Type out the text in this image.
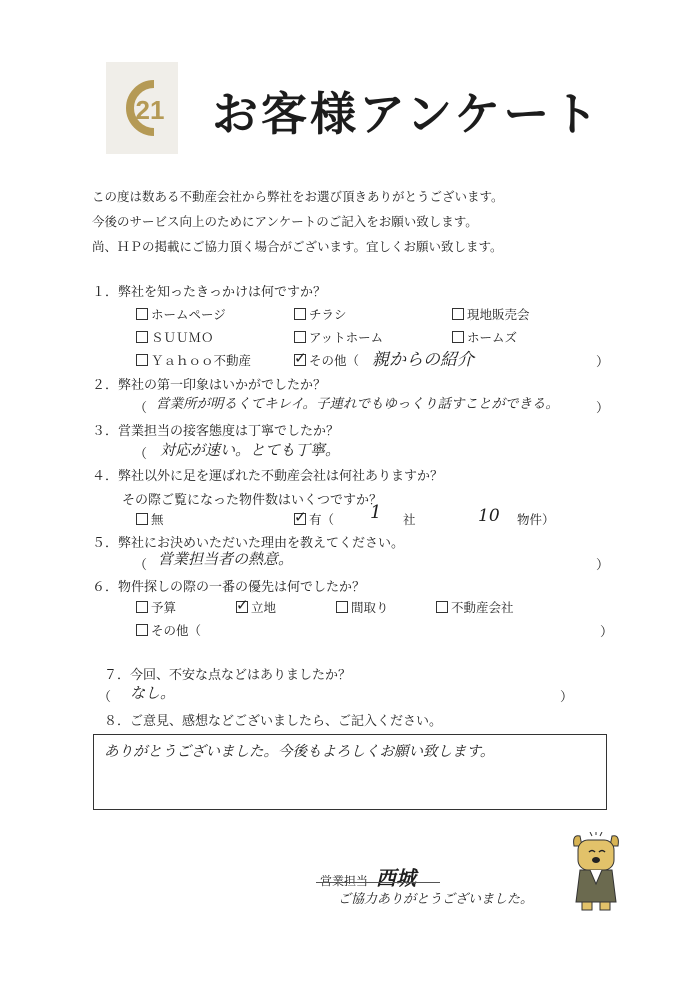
21 お客様アンケート
この度は数ある不動産会社から弊社をお選び頂きありがとうございます。
今後のサービス向上のためにアンケートのご記入をお願い致します。
尚、ＨＰの掲載にご協力頂く場合がございます。宜しくお願い致します。
１．弊社を知ったきっかけは何ですか？
ホームページ	チラシ	現地販売会
ＳＵＵＭＯ	アットホーム	ホームズ
Ｙａｈｏｏ不動産	✓ その他（ 親からの紹介	）
２．弊社の第一印象はいかがでしたか？
（ 営業所が明るくてキレイ。子連れでもゆっくり話すことができる。	）
３．営業担当の接客態度は丁寧でしたか？
（ 対応が速い。とても丁寧。
４．弊社以外に足を運ばれた不動産会社は何社ありますか？
その際ご覧になった物件数はいくつですか？
無	✓ 有（ 1 社	10 物件）
５．弊社にお決めいただいた理由を教えてください。
（ 営業担当者の熱意。	）
６．物件探しの際の一番の優先は何でしたか？
予算	✓ 立地	間取り	不動産会社
その他（	）
７．今回、不安な点などはありましたか？
（ なし。	）
８．ご意見、感想などございましたら、ご記入ください。
ありがとうございました。今後もよろしくお願い致します。
営業担当 西城
ご協力ありがとうございました。
